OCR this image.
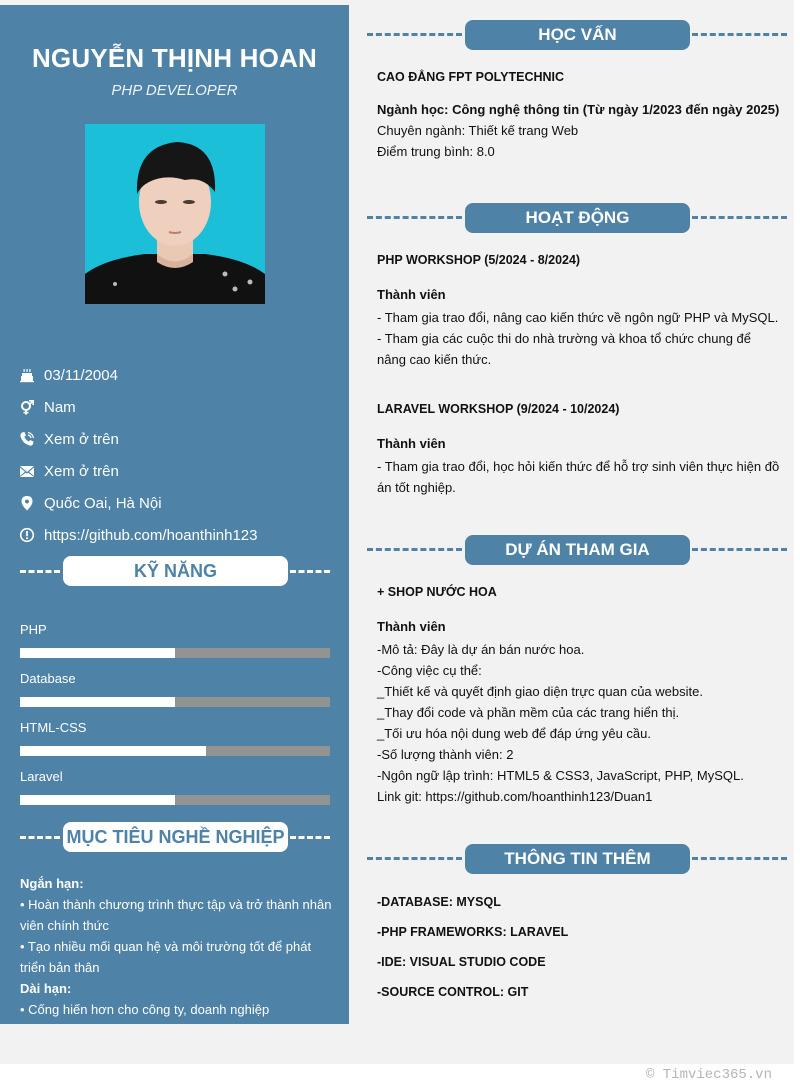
NGUYỄN THỊNH HOAN
PHP DEVELOPER
03/11/2004
Nam
Xem ở trên
Xem ở trên
Quốc Oai, Hà Nội
https://github.com/hoanthinh123
KỸ NĂNG
PHP
Database
HTML-CSS
Laravel
MỤC TIÊU NGHỀ NGHIỆP
Ngắn hạn:
• Hoàn thành chương trình thực tập và trở thành nhân viên chính thức
• Tạo nhiều mối quan hệ và môi trường tốt để phát triển bản thân
Dài hạn:
• Cống hiến hơn cho công ty, doanh nghiệp
HỌC VẤN
CAO ĐẲNG FPT POLYTECHNIC
Ngành học: Công nghệ thông tin (Từ ngày 1/2023 đến ngày 2025)
Chuyên ngành: Thiết kế trang Web
Điểm trung bình: 8.0
HOẠT ĐỘNG
PHP WORKSHOP (5/2024 - 8/2024)
Thành viên
- Tham gia trao đổi, nâng cao kiến thức về ngôn ngữ PHP và MySQL.
- Tham gia các cuộc thi do nhà trường và khoa tổ chức chung để nâng cao kiến thức.
LARAVEL WORKSHOP (9/2024 - 10/2024)
Thành viên
- Tham gia trao đổi, học hỏi kiến thức để hỗ trợ sinh viên thực hiện đồ án tốt nghiệp.
DỰ ÁN THAM GIA
+ SHOP NƯỚC HOA
Thành viên
-Mô tả: Đây là dự án bán nước hoa.
-Công việc cụ thể:
_Thiết kế và quyết định giao diện trực quan của website.
_Thay đổi code và phần mềm của các trang hiển thị.
_Tối ưu hóa nội dung web để đáp ứng yêu cầu.
-Số lượng thành viên: 2
-Ngôn ngữ lập trình: HTML5 & CSS3, JavaScript, PHP, MySQL.
Link git: https://github.com/hoanthinh123/Duan1
THÔNG TIN THÊM
-DATABASE: MYSQL
-PHP FRAMEWORKS: LARAVEL
-IDE: VISUAL STUDIO CODE
-SOURCE CONTROL: GIT
© Timviec365.vn
